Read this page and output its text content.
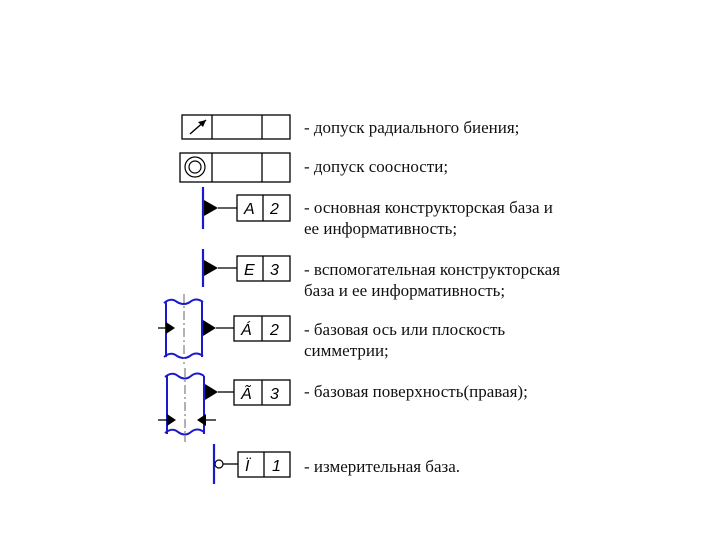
A 2
E 3
Á 2
Ã 3
Ï 1
- допуск радиального биения;
- допуск соосности;
- основная конструкторская база и
ее информативность;
- вспомогательная конструкторская
база и ее информативность;
- базовая ось или плоскость
симметрии;
- базовая поверхность(правая);
- измерительная база.
